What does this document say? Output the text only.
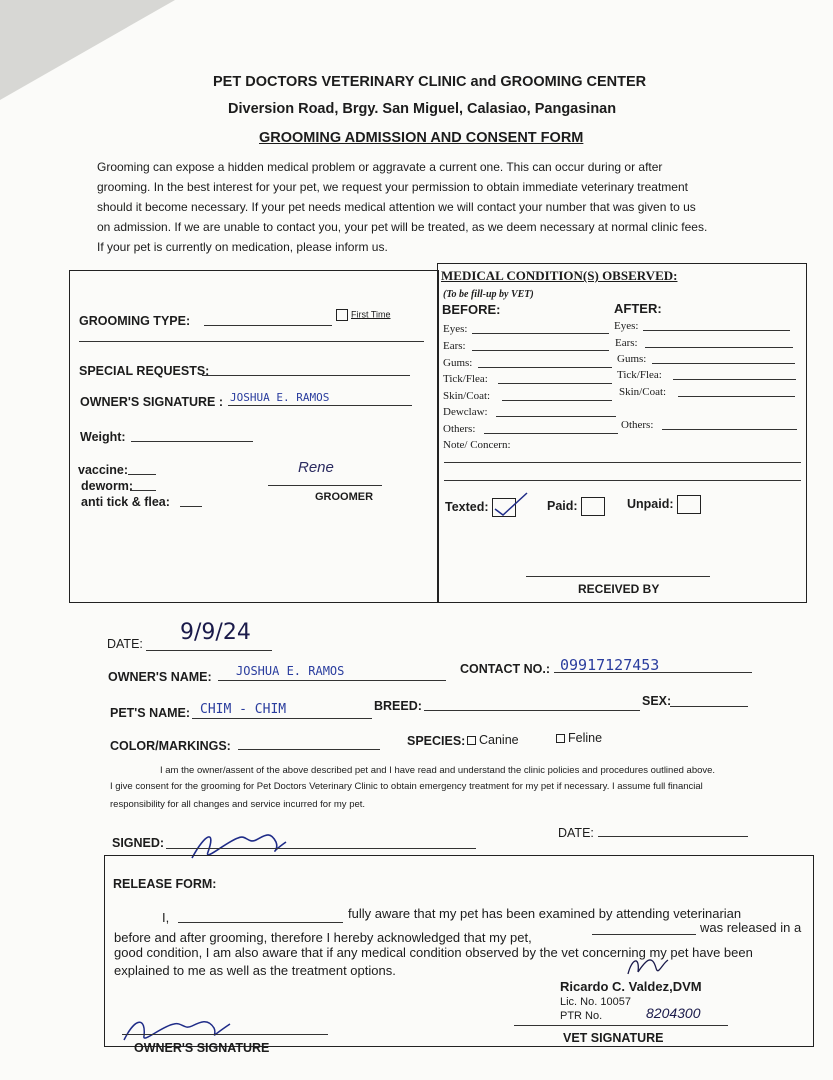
PET DOCTORS VETERINARY CLINIC and GROOMING CENTER
Diversion Road, Brgy. San Miguel, Calasiao, Pangasinan
GROOMING ADMISSION AND CONSENT FORM
Grooming can expose a hidden medical problem or aggravate a current one. This can occur during or after
grooming. In the best interest for your pet, we request your permission to obtain immediate veterinary treatment
should it become necessary. If your pet needs medical attention we will contact your number that was given to us
on admission. If we are unable to contact you, your pet will be treated, as we deem necessary at normal clinic fees.
If your pet is currently on medication, please inform us.
GROOMING TYPE:	First Time
SPECIAL REQUESTS:
OWNER'S SIGNATURE : JOSHUA E. RAMOS
Weight:
vaccine:
deworm:
anti tick & flea:
Rene
GROOMER
MEDICAL CONDITION(S) OBSERVED:
(To be fill-up by VET)
BEFORE:	AFTER:
Eyes:
Ears:
Gums:
Tick/Flea:
Skin/Coat:
Dewclaw:
Others:
Eyes:
Ears:
Gums:
Tick/Flea:
Skin/Coat:
Others:
Note/ Concern:
Texted:	Paid:	Unpaid:
RECEIVED BY
DATE: 9/9/24
OWNER'S NAME: JOSHUA E. RAMOS	CONTACT NO.: 09917127453
PET'S NAME: CHIM - CHIM	BREED:	SEX:
COLOR/MARKINGS:	SPECIES:	Canine	Feline
I am the owner/assent of the above described pet and I have read and understand the clinic policies and procedures outlined above.
I give consent for the grooming for Pet Doctors Veterinary Clinic to obtain emergency treatment for my pet if necessary. I assume full financial
responsibility for all changes and service incurred for my pet.
SIGNED:
DATE:
RELEASE FORM:
I,	fully aware that my pet has been examined by attending veterinarian
before and after grooming, therefore I hereby acknowledged that my pet,
was released in a
good condition, I am also aware that if any medical condition observed by the vet concerning my pet have been
explained to me as well as the treatment options.
Ricardo C. Valdez,DVM
Lic. No. 10057
PTR No.	8204300
VET SIGNATURE
OWNER'S SIGNATURE
